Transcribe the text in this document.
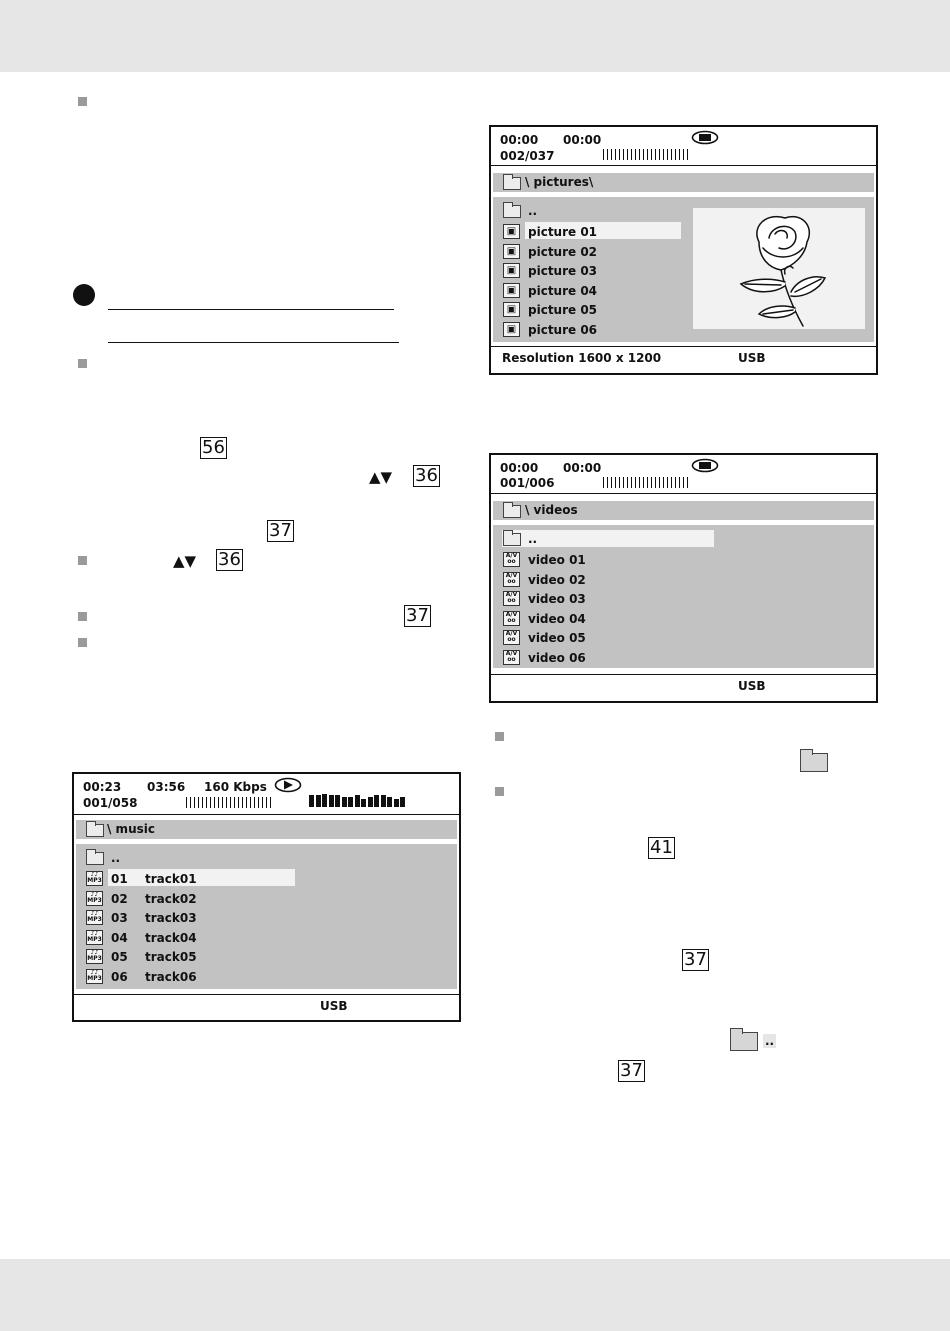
56
▲▼ 36
37
▲▼ 36
37
00:23 03:56 160 Kbps
001/058
\ music
..
♪♪
MP3 01 track01
♪♪
MP3 02 track02
♪♪
MP3 03 track03
♪♪
MP3 04 track04
♪♪
MP3 05 track05
♪♪
MP3 06 track06
USB
00:00 00:00
002/037
\ pictures\
..
▣ picture 01
▣ picture 02
▣ picture 03
▣ picture 04
▣ picture 05
▣ picture 06
Resolution 1600 x 1200	USB
00:00 00:00
001/006
\ videos
..
A/V
oo	video 01
A/V
oo	video 02
A/V
oo	video 03
A/V
oo	video 04
A/V
oo	video 05
A/V
oo	video 06
USB
41
37
..
37
